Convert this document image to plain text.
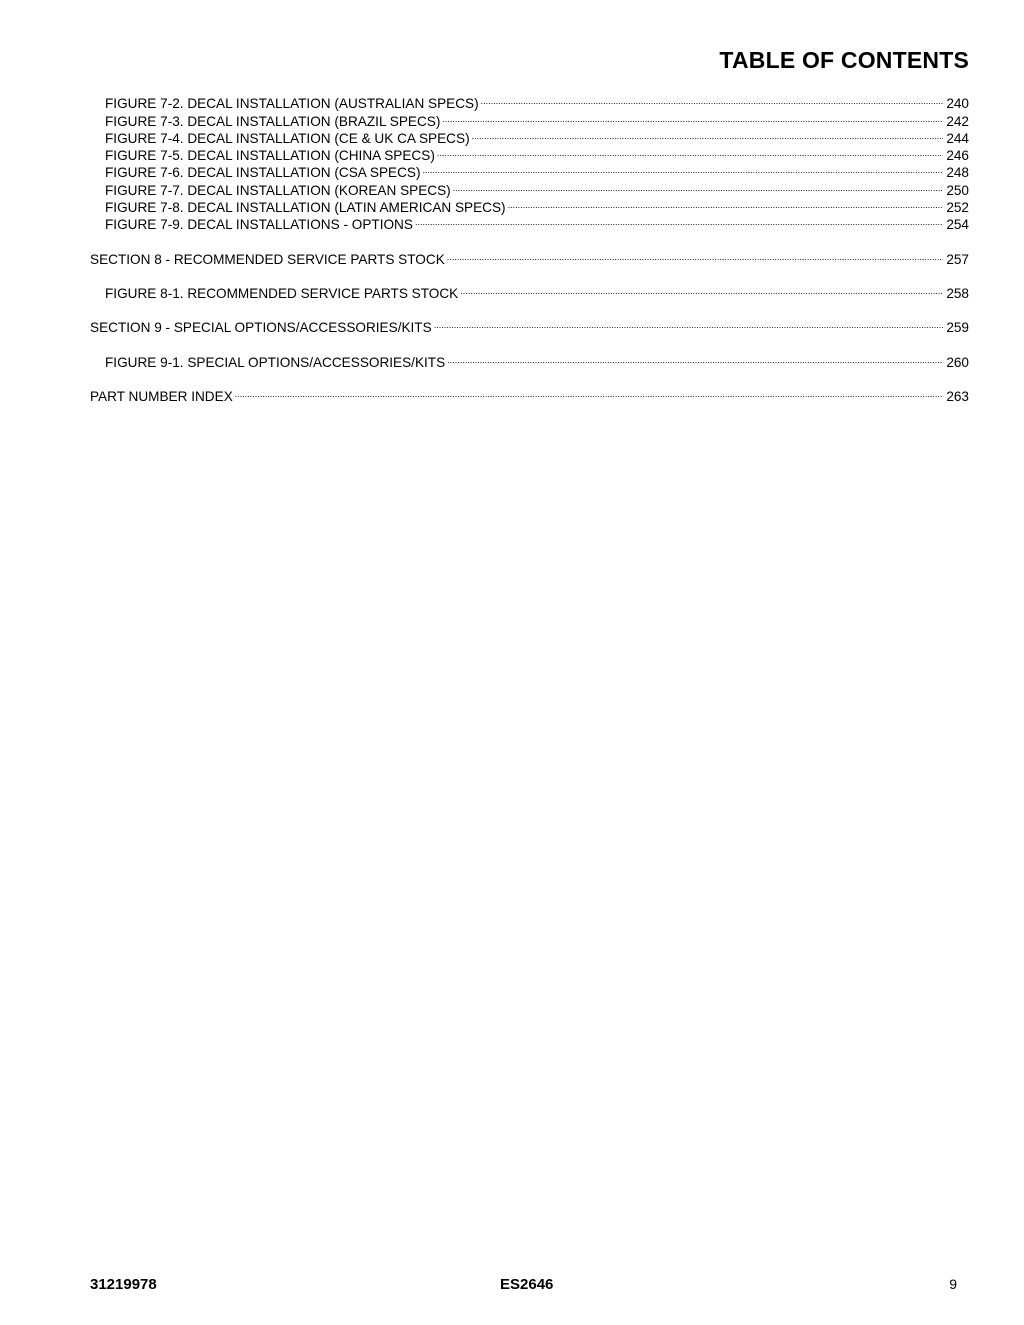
TABLE OF CONTENTS
FIGURE 7-2. DECAL INSTALLATION (AUSTRALIAN SPECS) .....	240
FIGURE 7-3. DECAL INSTALLATION (BRAZIL SPECS) .....	242
FIGURE 7-4. DECAL INSTALLATION (CE & UK CA SPECS) .....	244
FIGURE 7-5. DECAL INSTALLATION (CHINA SPECS) .....	246
FIGURE 7-6. DECAL INSTALLATION (CSA SPECS) .....	248
FIGURE 7-7. DECAL INSTALLATION (KOREAN SPECS) .....	250
FIGURE 7-8. DECAL INSTALLATION (LATIN AMERICAN SPECS) .....	252
FIGURE 7-9. DECAL INSTALLATIONS - OPTIONS .....	254
SECTION 8 - RECOMMENDED SERVICE PARTS STOCK .....	257
FIGURE 8-1. RECOMMENDED SERVICE PARTS STOCK .....	258
SECTION 9 - SPECIAL OPTIONS/ACCESSORIES/KITS .....	259
FIGURE 9-1. SPECIAL OPTIONS/ACCESSORIES/KITS .....	260
PART NUMBER INDEX .....	263
31219978	ES2646	9
